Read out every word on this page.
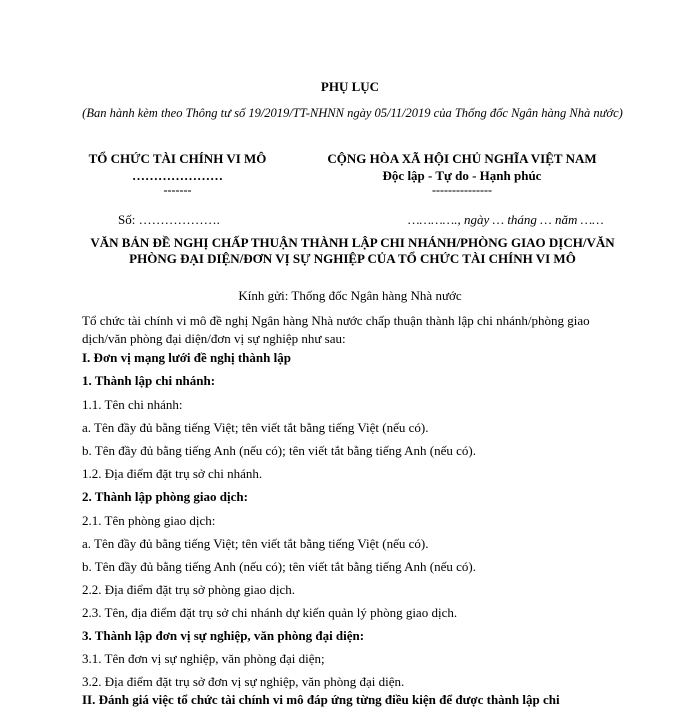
PHỤ LỤC
(Ban hành kèm theo Thông tư số 19/2019/TT-NHNN ngày 05/11/2019 của Thống đốc Ngân hàng Nhà nước)
TỔ CHỨC TÀI CHÍNH VI MÔ
…………………
-------
CỘNG HÒA XÃ HỘI CHỦ NGHĨA VIỆT NAM
Độc lập - Tự do - Hạnh phúc
---------------
Số: ……………….	…………., ngày … tháng … năm ……
VĂN BẢN ĐỀ NGHỊ CHẤP THUẬN THÀNH LẬP CHI NHÁNH/PHÒNG GIAO DỊCH/VĂN PHÒNG ĐẠI DIỆN/ĐƠN VỊ SỰ NGHIỆP CỦA TỔ CHỨC TÀI CHÍNH VI MÔ
Kính gửi: Thống đốc Ngân hàng Nhà nước
Tổ chức tài chính vi mô đề nghị Ngân hàng Nhà nước chấp thuận thành lập chi nhánh/phòng giao dịch/văn phòng đại diện/đơn vị sự nghiệp như sau:
I. Đơn vị mạng lưới đề nghị thành lập
1. Thành lập chi nhánh:
1.1. Tên chi nhánh:
a. Tên đầy đủ bằng tiếng Việt; tên viết tắt bằng tiếng Việt (nếu có).
b. Tên đầy đủ bằng tiếng Anh (nếu có); tên viết tắt bằng tiếng Anh (nếu có).
1.2. Địa điểm đặt trụ sở chi nhánh.
2. Thành lập phòng giao dịch:
2.1. Tên phòng giao dịch:
a. Tên đầy đủ bằng tiếng Việt; tên viết tắt bằng tiếng Việt (nếu có).
b. Tên đầy đủ bằng tiếng Anh (nếu có); tên viết tắt bằng tiếng Anh (nếu có).
2.2. Địa điểm đặt trụ sở phòng giao dịch.
2.3. Tên, địa điểm đặt trụ sở chi nhánh dự kiến quản lý phòng giao dịch.
3. Thành lập đơn vị sự nghiệp, văn phòng đại diện:
3.1. Tên đơn vị sự nghiệp, văn phòng đại diện;
3.2. Địa điểm đặt trụ sở đơn vị sự nghiệp, văn phòng đại diện.
II. Đánh giá việc tổ chức tài chính vi mô đáp ứng từng điều kiện để được thành lập chi
